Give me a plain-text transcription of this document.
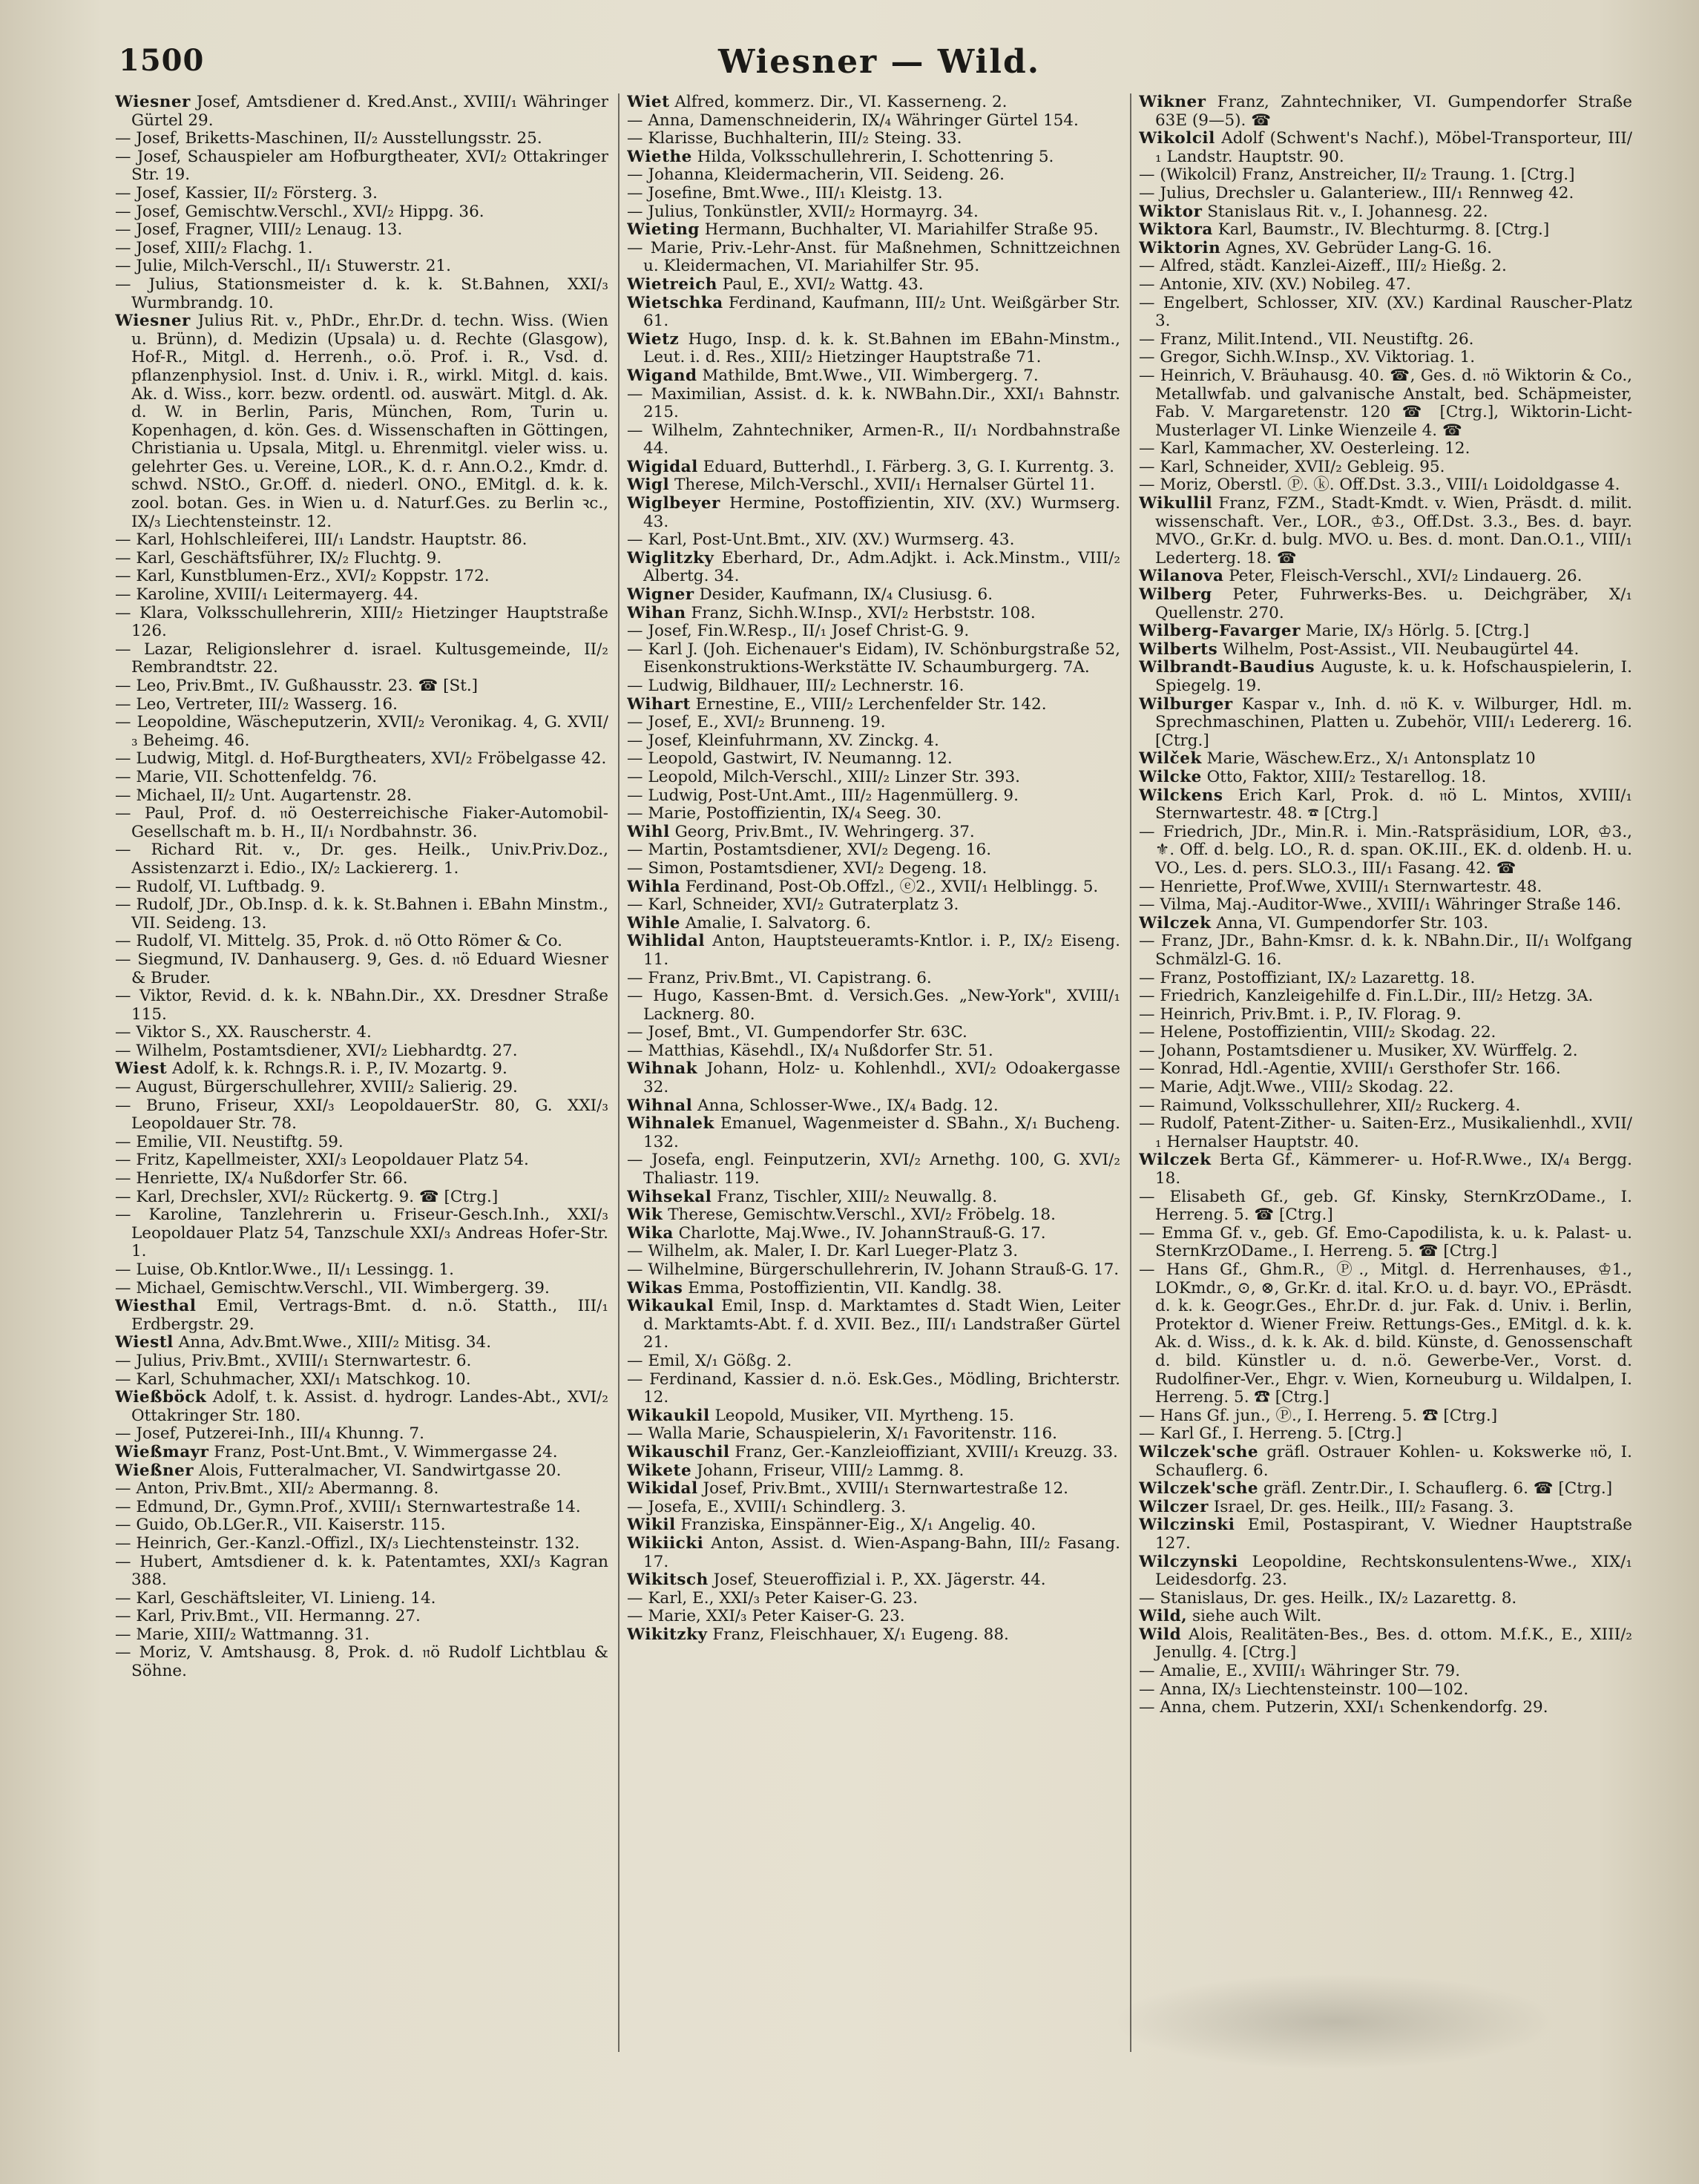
1500	Wiesner — Wild.

Wiesner Josef, Amtsdiener d. Kred.Anst., XVIII/₁ Währinger Gürtel 29.

— Josef, Briketts-Maschinen, II/₂ Ausstellungsstr. 25.

— Josef, Schauspieler am Hofburgtheater, XVI/₂ Ottakringer Str. 19.

— Josef, Kassier, II/₂ Försterg. 3.

— Josef, Gemischtw.Verschl., XVI/₂ Hippg. 36.

— Josef, Fragner, VIII/₂ Lenaug. 13.

— Josef, XIII/₂ Flachg. 1.

— Julie, Milch-Verschl., II/₁ Stuwerstr. 21.

— Julius, Stationsmeister d. k. k. St.Bahnen, XXI/₃ Wurmbrandg. 10.

Wiesner Julius Rit. v., PhDr., Ehr.Dr. d. techn. Wiss. (Wien u. Brünn), d. Medizin (Upsala) u. d. Rechte (Glasgow), Hof-R., Mitgl. d. Herrenh., o.ö. Prof. i. R., Vsd. d. pflanzenphysiol. Inst. d. Univ. i. R., wirkl. Mitgl. d. kais. Ak. d. Wiss., korr. bezw. ordentl. od. auswärt. Mitgl. d. Ak. d. W. in Berlin, Paris, München, Rom, Turin u. Kopenhagen, d. kön. Ges. d. Wissenschaften in Göttingen, Christiania u. Upsala, Mitgl. u. Ehrenmitgl. vieler wiss. u. gelehrter Ges. u. Vereine, LOR., K. d. r. Ann.O.2., Kmdr. d. schwd. NStO., Gr.Off. d. niederl. ONO., EMitgl. d. k. k. zool. botan. Ges. in Wien u. d. Naturf.Ges. zu Berlin ꝛc., IX/₃ Liechtensteinstr. 12.

— Karl, Hohlschleiferei, III/₁ Landstr. Hauptstr. 86.

— Karl, Geschäftsführer, IX/₂ Fluchtg. 9.

— Karl, Kunstblumen-Erz., XVI/₂ Koppstr. 172.

— Karoline, XVIII/₁ Leitermayerg. 44.

— Klara, Volksschullehrerin, XIII/₂ Hietzinger Hauptstraße 126.

— Lazar, Religionslehrer d. israel. Kultusgemeinde, II/₂ Rembrandtstr. 22.

— Leo, Priv.Bmt., IV. Gußhausstr. 23. ☎ [St.]

— Leo, Vertreter, III/₂ Wasserg. 16.

— Leopoldine, Wäscheputzerin, XVII/₂ Veronikag. 4, G. XVII/₃ Beheimg. 46.

— Ludwig, Mitgl. d. Hof-Burgtheaters, XVI/₂ Fröbelgasse 42.

— Marie, VII. Schottenfeldg. 76.

— Michael, II/₂ Unt. Augartenstr. 28.

— Paul, Prof. d. 𝔫ö Oesterreichische Fiaker-Automobil-Gesellschaft m. b. H., II/₁ Nordbahnstr. 36.

— Richard Rit. v., Dr. ges. Heilk., Univ.Priv.Doz., Assistenzarzt i. Edio., IX/₂ Lackiererg. 1.

— Rudolf, VI. Luftbadg. 9.

— Rudolf, JDr., Ob.Insp. d. k. k. St.Bahnen i. EBahn Minstm., VII. Seideng. 13.

— Rudolf, VI. Mittelg. 35, Prok. d. 𝔫ö Otto Römer & Co.

— Siegmund, IV. Danhauserg. 9, Ges. d. 𝔫ö Eduard Wiesner & Bruder.

— Viktor, Revid. d. k. k. NBahn.Dir., XX. Dresdner Straße 115.

— Viktor S., XX. Rauscherstr. 4.

— Wilhelm, Postamtsdiener, XVI/₂ Liebhardtg. 27.

Wiest Adolf, k. k. Rchngs.R. i. P., IV. Mozartg. 9.

— August, Bürgerschullehrer, XVIII/₂ Salierig. 29.

— Bruno, Friseur, XXI/₃ LeopoldauerStr. 80, G. XXI/₃ Leopoldauer Str. 78.

— Emilie, VII. Neustiftg. 59.

— Fritz, Kapellmeister, XXI/₃ Leopoldauer Platz 54.

— Henriette, IX/₄ Nußdorfer Str. 66.

— Karl, Drechsler, XVI/₂ Rückertg. 9. ☎ [Ctrg.]

— Karoline, Tanzlehrerin u. Friseur-Gesch.Inh., XXI/₃ Leopoldauer Platz 54, Tanzschule XXI/₃ Andreas Hofer-Str. 1.

— Luise, Ob.Kntlor.Wwe., II/₁ Lessingg. 1.

— Michael, Gemischtw.Verschl., VII. Wimbergerg. 39.

Wiesthal Emil, Vertrags-Bmt. d. n.ö. Statth., III/₁ Erdbergstr. 29.

Wiestl Anna, Adv.Bmt.Wwe., XIII/₂ Mitisg. 34.

— Julius, Priv.Bmt., XVIII/₁ Sternwartestr. 6.

— Karl, Schuhmacher, XXI/₁ Matschkog. 10.

Wießböck Adolf, t. k. Assist. d. hydrogr. Landes-Abt., XVI/₂ Ottakringer Str. 180.

— Josef, Putzerei-Inh., III/₄ Khunng. 7.

Wießmayr Franz, Post-Unt.Bmt., V. Wimmergasse 24.

Wießner Alois, Futteralmacher, VI. Sandwirtgasse 20.

— Anton, Priv.Bmt., XII/₂ Abermanng. 8.

— Edmund, Dr., Gymn.Prof., XVIII/₁ Sternwartestraße 14.

— Guido, Ob.LGer.R., VII. Kaiserstr. 115.

— Heinrich, Ger.-Kanzl.-Offizl., IX/₃ Liechtensteinstr. 132.

— Hubert, Amtsdiener d. k. k. Patentamtes, XXI/₃ Kagran 388.

— Karl, Geschäftsleiter, VI. Linieng. 14.

— Karl, Priv.Bmt., VII. Hermanng. 27.

— Marie, XIII/₂ Wattmanng. 31.

— Moriz, V. Amtshausg. 8, Prok. d. 𝔫ö Rudolf Lichtblau & Söhne.

Wiet Alfred, kommerz. Dir., VI. Kasserneng. 2.

— Anna, Damenschneiderin, IX/₄ Währinger Gürtel 154.

— Klarisse, Buchhalterin, III/₂ Steing. 33.

Wiethe Hilda, Volksschullehrerin, I. Schottenring 5.

— Johanna, Kleidermacherin, VII. Seideng. 26.

— Josefine, Bmt.Wwe., III/₁ Kleistg. 13.

— Julius, Tonkünstler, XVII/₂ Hormayrg. 34.

Wieting Hermann, Buchhalter, VI. Mariahilfer Straße 95.

— Marie, Priv.-Lehr-Anst. für Maßnehmen, Schnittzeichnen u. Kleidermachen, VI. Mariahilfer Str. 95.

Wietreich Paul, E., XVI/₂ Wattg. 43.

Wietschka Ferdinand, Kaufmann, III/₂ Unt. Weißgärber Str. 61.

Wietz Hugo, Insp. d. k. k. St.Bahnen im EBahn-Minstm., Leut. i. d. Res., XIII/₂ Hietzinger Hauptstraße 71.

Wigand Mathilde, Bmt.Wwe., VII. Wimbergerg. 7.

— Maximilian, Assist. d. k. k. NWBahn.Dir., XXI/₁ Bahnstr. 215.

— Wilhelm, Zahntechniker, Armen-R., II/₁ Nordbahnstraße 44.

Wigidal Eduard, Butterhdl., I. Färberg. 3, G. I. Kurrentg. 3.

Wigl Therese, Milch-Verschl., XVII/₁ Hernalser Gürtel 11.

Wiglbeyer Hermine, Postoffizientin, XIV. (XV.) Wurmserg. 43.

— Karl, Post-Unt.Bmt., XIV. (XV.) Wurmserg. 43.

Wiglitzky Eberhard, Dr., Adm.Adjkt. i. Ack.Minstm., VIII/₂ Albertg. 34.

Wigner Desider, Kaufmann, IX/₄ Clusiusg. 6.

Wihan Franz, Sichh.W.Insp., XVI/₂ Herbststr. 108.

— Josef, Fin.W.Resp., II/₁ Josef Christ-G. 9.

— Karl J. (Joh. Eichenauer's Eidam), IV. Schönburgstraße 52, Eisenkonstruktions-Werkstätte IV. Schaumburgerg. 7A.

— Ludwig, Bildhauer, III/₂ Lechnerstr. 16.

Wihart Ernestine, E., VIII/₂ Lerchenfelder Str. 142.

— Josef, E., XVI/₂ Brunneng. 19.

— Josef, Kleinfuhrmann, XV. Zinckg. 4.

— Leopold, Gastwirt, IV. Neumanng. 12.

— Leopold, Milch-Verschl., XIII/₂ Linzer Str. 393.

— Ludwig, Post-Unt.Amt., III/₂ Hagenmüllerg. 9.

— Marie, Postoffizientin, IX/₄ Seeg. 30.

Wihl Georg, Priv.Bmt., IV. Wehringerg. 37.

— Martin, Postamtsdiener, XVI/₂ Degeng. 16.

— Simon, Postamtsdiener, XVI/₂ Degeng. 18.

Wihla Ferdinand, Post-Ob.Offzl., ⓔ2., XVII/₁ Helblingg. 5.

— Karl, Schneider, XVI/₂ Gutraterplatz 3.

Wihle Amalie, I. Salvatorg. 6.

Wihlidal Anton, Hauptsteueramts-Kntlor. i. P., IX/₂ Eiseng. 11.

— Franz, Priv.Bmt., VI. Capistrang. 6.

— Hugo, Kassen-Bmt. d. Versich.Ges. „New-York", XVIII/₁ Lacknerg. 80.

— Josef, Bmt., VI. Gumpendorfer Str. 63C.

— Matthias, Käsehdl., IX/₄ Nußdorfer Str. 51.

Wihnak Johann, Holz- u. Kohlenhdl., XVI/₂ Odoakergasse 32.

Wihnal Anna, Schlosser-Wwe., IX/₄ Badg. 12.

Wihnalek Emanuel, Wagenmeister d. SBahn., X/₁ Bucheng. 132.

— Josefa, engl. Feinputzerin, XVI/₂ Arnethg. 100, G. XVI/₂ Thaliastr. 119.

Wihsekal Franz, Tischler, XIII/₂ Neuwallg. 8.

Wik Therese, Gemischtw.Verschl., XVI/₂ Fröbelg. 18.

Wika Charlotte, Maj.Wwe., IV. JohannStrauß-G. 17.

— Wilhelm, ak. Maler, I. Dr. Karl Lueger-Platz 3.

— Wilhelmine, Bürgerschullehrerin, IV. Johann Strauß-G. 17.

Wikas Emma, Postoffizientin, VII. Kandlg. 38.

Wikaukal Emil, Insp. d. Marktamtes d. Stadt Wien, Leiter d. Marktamts-Abt. f. d. XVII. Bez., III/₁ Landstraßer Gürtel 21.

— Emil, X/₁ Gößg. 2.

— Ferdinand, Kassier d. n.ö. Esk.Ges., Mödling, Brichterstr. 12.

Wikaukil Leopold, Musiker, VII. Myrtheng. 15.

— Walla Marie, Schauspielerin, X/₁ Favoritenstr. 116.

Wikauschil Franz, Ger.-Kanzleioffiziant, XVIII/₁ Kreuzg. 33.

Wikete Johann, Friseur, VIII/₂ Lammg. 8.

Wikidal Josef, Priv.Bmt., XVIII/₁ Sternwartestraße 12.

— Josefa, E., XVIII/₁ Schindlerg. 3.

Wikil Franziska, Einspänner-Eig., X/₁ Angelig. 40.

Wikiicki Anton, Assist. d. Wien-Aspang-Bahn, III/₂ Fasang. 17.

Wikitsch Josef, Steueroffizial i. P., XX. Jägerstr. 44.

— Karl, E., XXI/₃ Peter Kaiser-G. 23.

— Marie, XXI/₃ Peter Kaiser-G. 23.

Wikitzky Franz, Fleischhauer, X/₁ Eugeng. 88.

Wikner Franz, Zahntechniker, VI. Gumpendorfer Straße 63E (9—5). ☎

Wikolcil Adolf (Schwent's Nachf.), Möbel-Transporteur, III/₁ Landstr. Hauptstr. 90.

— (Wikolcil) Franz, Anstreicher, II/₂ Traung. 1. [Ctrg.]

— Julius, Drechsler u. Galanteriew., III/₁ Rennweg 42.

Wiktor Stanislaus Rit. v., I. Johannesg. 22.

Wiktora Karl, Baumstr., IV. Blechturmg. 8. [Ctrg.]

Wiktorin Agnes, XV. Gebrüder Lang-G. 16.

— Alfred, städt. Kanzlei-Aizeff., III/₂ Hießg. 2.

— Antonie, XIV. (XV.) Nobileg. 47.

— Engelbert, Schlosser, XIV. (XV.) Kardinal Rauscher-Platz 3.

— Franz, Milit.Intend., VII. Neustiftg. 26.

— Gregor, Sichh.W.Insp., XV. Viktoriag. 1.

— Heinrich, V. Bräuhausg. 40. ☎, Ges. d. 𝔫ö Wiktorin & Co., Metallwfab. und galvanische Anstalt, bed. Schäpmeister, Fab. V. Margaretenstr. 120 ☎ [Ctrg.], Wiktorin-Licht-Musterlager VI. Linke Wienzeile 4. ☎

— Karl, Kammacher, XV. Oesterleing. 12.

— Karl, Schneider, XVII/₂ Gebleig. 95.

— Moriz, Oberstl. Ⓟ. ⓚ. Off.Dst. 3.3., VIII/₁ Loidoldgasse 4.

Wikullil Franz, FZM., Stadt-Kmdt. v. Wien, Präsdt. d. milit. wissenschaft. Ver., LOR., ♔3., Off.Dst. 3.3., Bes. d. bayr. MVO., Gr.Kr. d. bulg. MVO. u. Bes. d. mont. Dan.O.1., VIII/₁ Lederterg. 18. ☎

Wilanova Peter, Fleisch-Verschl., XVI/₂ Lindauerg. 26.

Wilberg Peter, Fuhrwerks-Bes. u. Deichgräber, X/₁ Quellenstr. 270.

Wilberg-Favarger Marie, IX/₃ Hörlg. 5. [Ctrg.]

Wilberts Wilhelm, Post-Assist., VII. Neubaugürtel 44.

Wilbrandt-Baudius Auguste, k. u. k. Hofschauspielerin, I. Spiegelg. 19.

Wilburger Kaspar v., Inh. d. 𝔫ö K. v. Wilburger, Hdl. m. Sprechmaschinen, Platten u. Zubehör, VIII/₁ Ledererg. 16. [Ctrg.]

Wilček Marie, Wäschew.Erz., X/₁ Antonsplatz 10

Wilcke Otto, Faktor, XIII/₂ Testarellog. 18.

Wilckens Erich Karl, Prok. d. 𝔫ö L. Mintos, XVIII/₁ Sternwartestr. 48. ☎ [Ctrg.]

— Friedrich, JDr., Min.R. i. Min.-Ratspräsidium, LOR, ♔3., ⚜. Off. d. belg. LO., R. d. span. OK.III., EK. d. oldenb. H. u. VO., Les. d. pers. SLO.3., III/₁ Fasang. 42. ☎

— Henriette, Prof.Wwe, XVIII/₁ Sternwartestr. 48.

— Vilma, Maj.-Auditor-Wwe., XVIII/₁ Währinger Straße 146.

Wilczek Anna, VI. Gumpendorfer Str. 103.

— Franz, JDr., Bahn-Kmsr. d. k. k. NBahn.Dir., II/₁ Wolfgang Schmälzl-G. 16.

— Franz, Postoffiziant, IX/₂ Lazarettg. 18.

— Friedrich, Kanzleigehilfe d. Fin.L.Dir., III/₂ Hetzg. 3A.

— Heinrich, Priv.Bmt. i. P., IV. Florag. 9.

— Helene, Postoffizientin, VIII/₂ Skodag. 22.

— Johann, Postamtsdiener u. Musiker, XV. Würffelg. 2.

— Konrad, Hdl.-Agentie, XVIII/₁ Gersthofer Str. 166.

— Marie, Adjt.Wwe., VIII/₂ Skodag. 22.

— Raimund, Volksschullehrer, XII/₂ Ruckerg. 4.

— Rudolf, Patent-Zither- u. Saiten-Erz., Musikalienhdl., XVII/₁ Hernalser Hauptstr. 40.

Wilczek Berta Gf., Kämmerer- u. Hof-R.Wwe., IX/₄ Bergg. 18.

— Elisabeth Gf., geb. Gf. Kinsky, SternKrzODame., I. Herreng. 5. ☎ [Ctrg.]

— Emma Gf. v., geb. Gf. Emo-Capodilista, k. u. k. Palast- u. SternKrzODame., I. Herreng. 5. ☎ [Ctrg.]

— Hans Gf., Ghm.R., Ⓟ., Mitgl. d. Herrenhauses, ♔1., LOKmdr., ⊙, ⊗, Gr.Kr. d. ital. Kr.O. u. d. bayr. VO., EPräsdt. d. k. k. Geogr.Ges., Ehr.Dr. d. jur. Fak. d. Univ. i. Berlin, Protektor d. Wiener Freiw. Rettungs-Ges., EMitgl. d. k. k. Ak. d. Wiss., d. k. k. Ak. d. bild. Künste, d. Genossenschaft d. bild. Künstler u. d. n.ö. Gewerbe-Ver., Vorst. d. Rudolfiner-Ver., Ehgr. v. Wien, Korneuburg u. Wildalpen, I. Herreng. 5. ☎ [Ctrg.]

— Hans Gf. jun., Ⓟ., I. Herreng. 5. ☎ [Ctrg.]

— Karl Gf., I. Herreng. 5. [Ctrg.]

Wilczek'sche gräfl. Ostrauer Kohlen- u. Kokswerke 𝔫ö, I. Schauflerg. 6.

Wilczek'sche gräfl. Zentr.Dir., I. Schauflerg. 6. ☎ [Ctrg.]

Wilczer Israel, Dr. ges. Heilk., III/₂ Fasang. 3.

Wilczinski Emil, Postaspirant, V. Wiedner Hauptstraße 127.

Wilczynski Leopoldine, Rechtskonsulentens-Wwe., XIX/₁ Leidesdorfg. 23.

— Stanislaus, Dr. ges. Heilk., IX/₂ Lazarettg. 8.

Wild, siehe auch Wilt.

Wild Alois, Realitäten-Bes., Bes. d. ottom. M.f.K., E., XIII/₂ Jenullg. 4. [Ctrg.]

— Amalie, E., XVIII/₁ Währinger Str. 79.

— Anna, IX/₃ Liechtensteinstr. 100—102.

— Anna, chem. Putzerin, XXI/₁ Schenkendorfg. 29.
